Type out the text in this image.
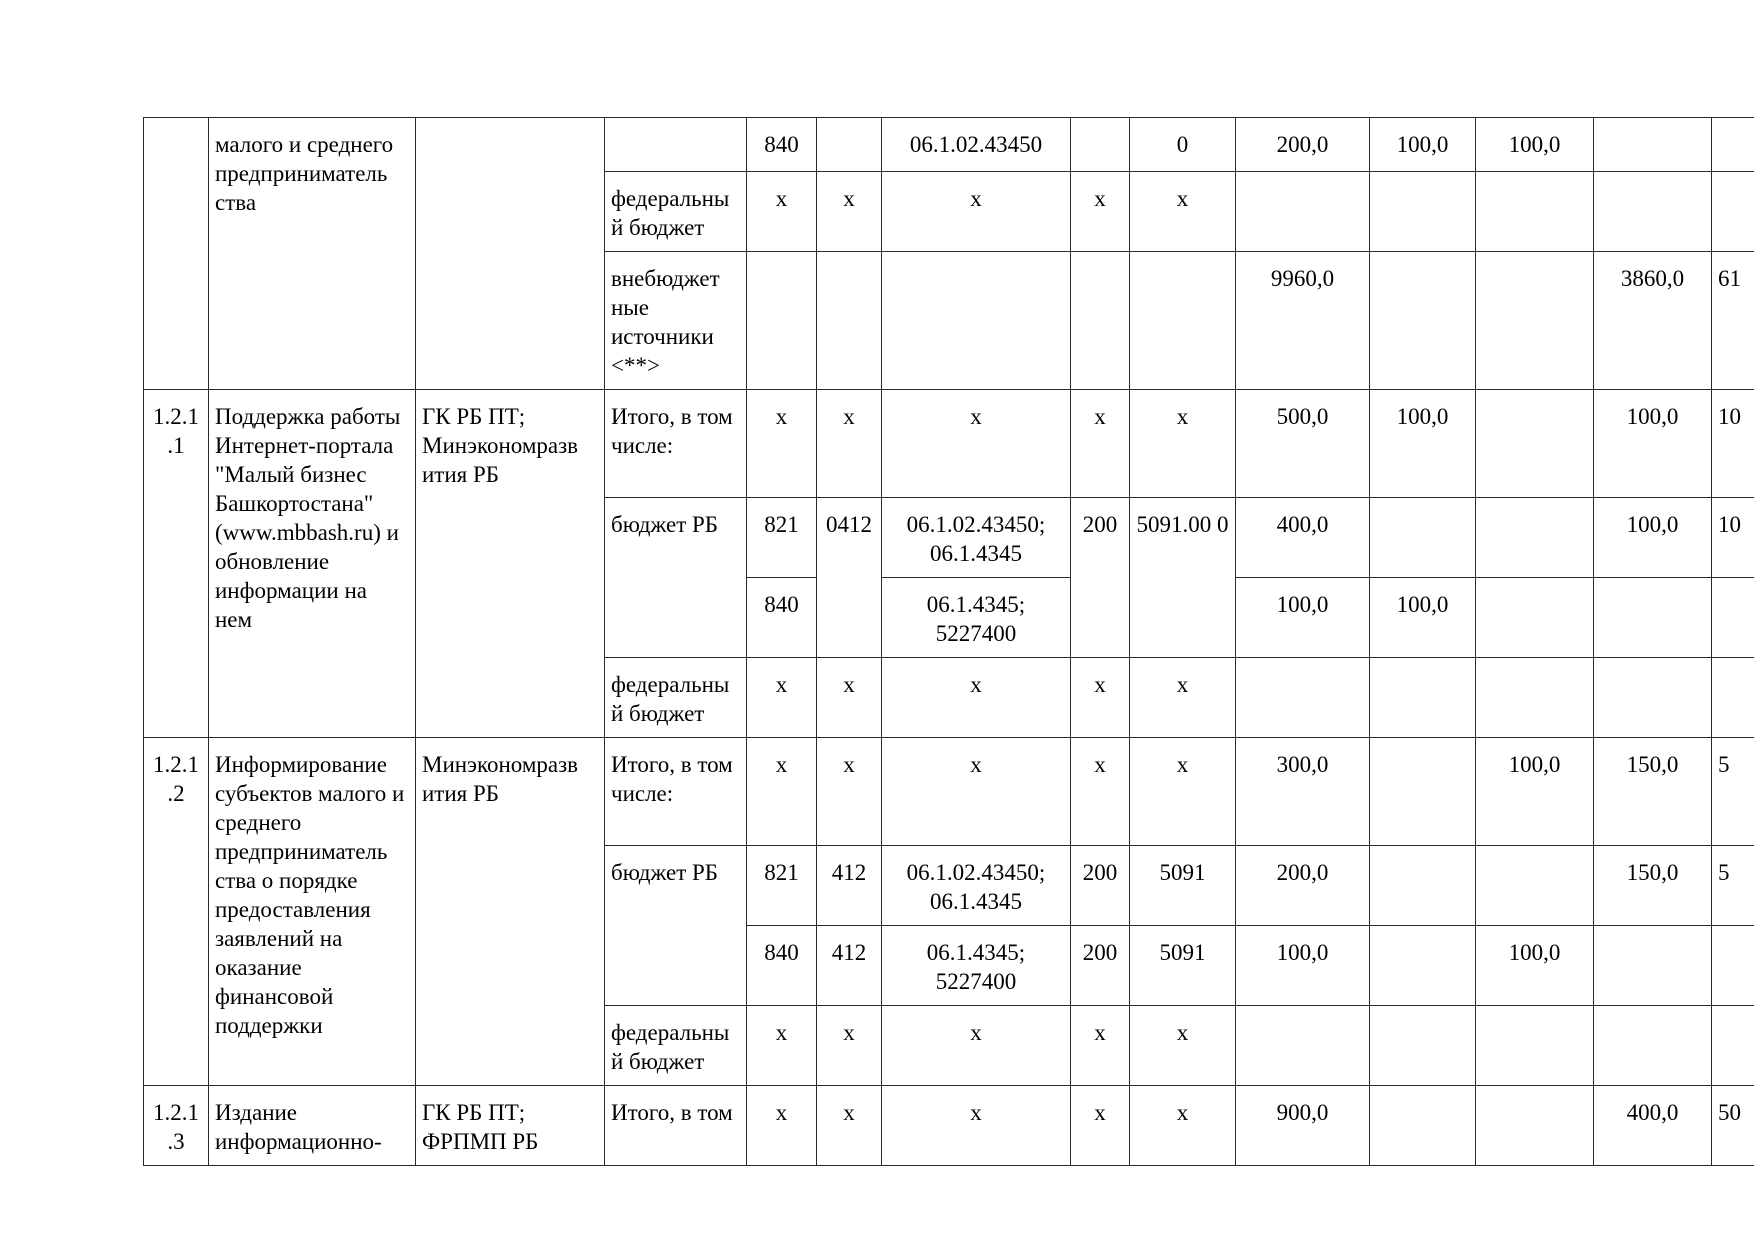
	малого и среднего предприниматель ства			840		06.1.02.43450		0	200,0	100,0	100,0		
			федеральны й бюджет	x	x	x	x	x					
			внебюджет ные источники <**>						9960,0			3860,0	61
1.2.1 .1	Поддержка работы Интернет-портала "Малый бизнес Башкортостана" (www.mbbash.ru) и обновление информации на нем	ГК РБ ПТ; Минэкономразв ития РБ	Итого, в том числе:	x	x	x	x	x	500,0	100,0		100,0	10
			бюджет РБ	821	0412	06.1.02.43450; 06.1.4345	200	5091.00 0	400,0			100,0	10
				840		06.1.4345; 5227400			100,0	100,0			
			федеральны й бюджет	x	x	x	x	x					
1.2.1 .2	Информирование субъектов малого и среднего предприниматель ства о порядке предоставления заявлений на оказание финансовой поддержки	Минэкономразв ития РБ	Итого, в том числе:	x	x	x	x	x	300,0		100,0	150,0	5
			бюджет РБ	821	412	06.1.02.43450; 06.1.4345	200	5091	200,0			150,0	5
				840	412	06.1.4345; 5227400	200	5091	100,0		100,0		
			федеральны й бюджет	x	x	x	x	x					
1.2.1 .3	Издание информационно-	ГК РБ ПТ; ФРПМП РБ	Итого, в том	x	x	x	x	x	900,0			400,0	50
